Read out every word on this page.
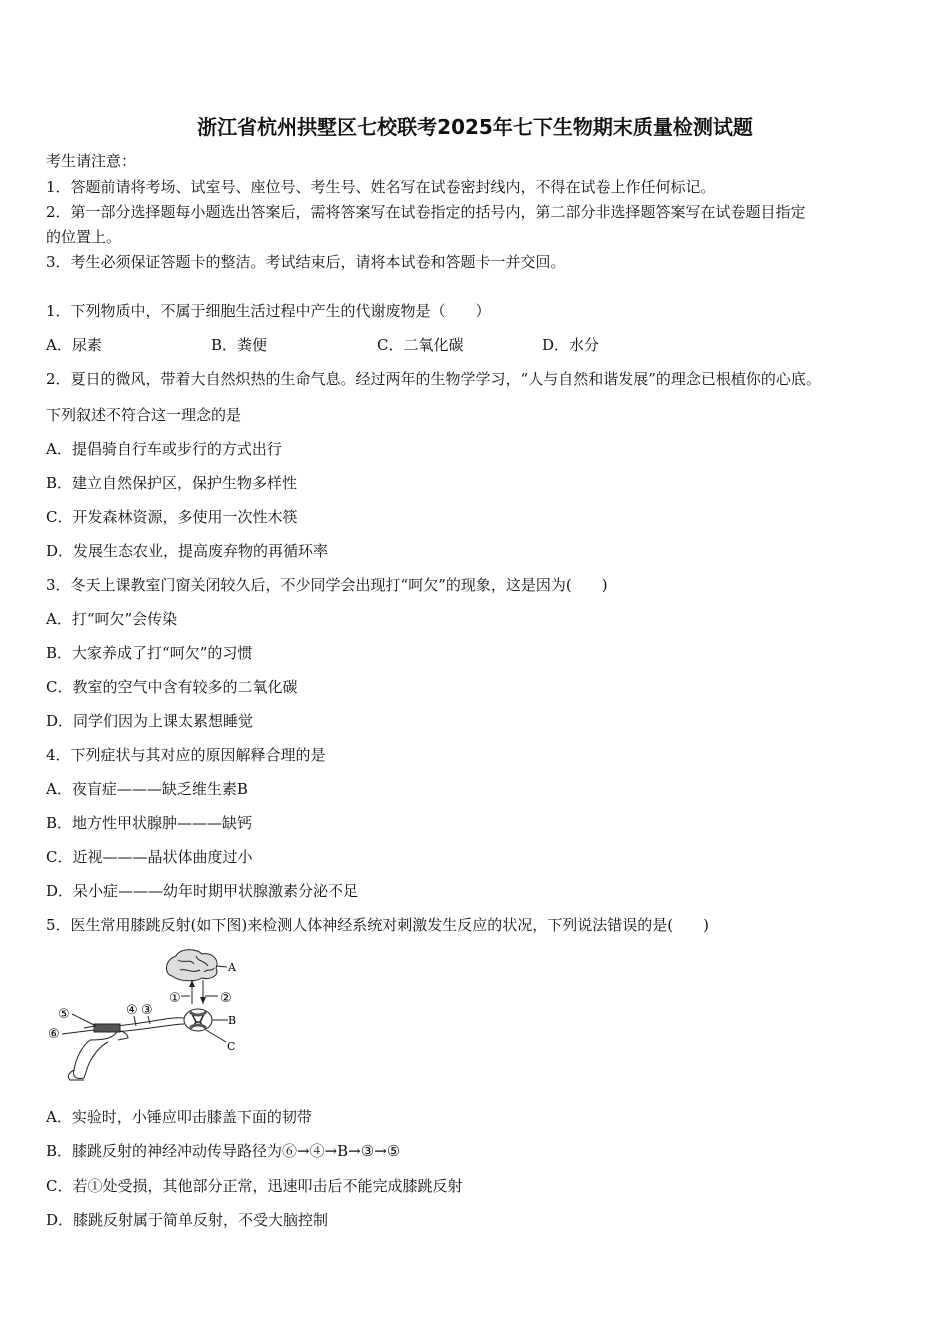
浙江省杭州拱墅区七校联考2025年七下生物期末质量检测试题
考生请注意：
1．答题前请将考场、试室号、座位号、考生号、姓名写在试卷密封线内，不得在试卷上作任何标记。
2．第一部分选择题每小题选出答案后，需将答案写在试卷指定的括号内，第二部分非选择题答案写在试卷题目指定
的位置上。
3．考生必须保证答题卡的整洁。考试结束后，请将本试卷和答题卡一并交回。
1．下列物质中，不属于细胞生活过程中产生的代谢废物是（　　）
A．尿素	B．粪便	C．二氧化碳	D．水分
2．夏日的微风，带着大自然炽热的生命气息。经过两年的生物学学习，“人与自然和谐发展”的理念已根植你的心底。
下列叙述不符合这一理念的是
A．提倡骑自行车或步行的方式出行
B．建立自然保护区，保护生物多样性
C．开发森林资源，多使用一次性木筷
D．发展生态农业，提高废弃物的再循环率
3．冬天上课教室门窗关闭较久后，不少同学会出现打“呵欠”的现象，这是因为(　　)
A．打“呵欠”会传染
B．大家养成了打“呵欠”的习惯
C．教室的空气中含有较多的二氧化碳
D．同学们因为上课太累想睡觉
4．下列症状与其对应的原因解释合理的是
A．夜盲症———缺乏维生素B
B．地方性甲状腺肿———缺钙
C．近视———晶状体曲度过小
D．呆小症———幼年时期甲状腺激素分泌不足
5．医生常用膝跳反射(如下图)来检测人体神经系统对刺激发生反应的状况，下列说法错误的是(　　)
A
①	②
B
C
④ ③
⑤
⑥
A．实验时，小锤应叩击膝盖下面的韧带
B．膝跳反射的神经冲动传导路径为⑥→④→B→③→⑤
C．若①处受损，其他部分正常，迅速叩击后不能完成膝跳反射
D．膝跳反射属于简单反射，不受大脑控制
